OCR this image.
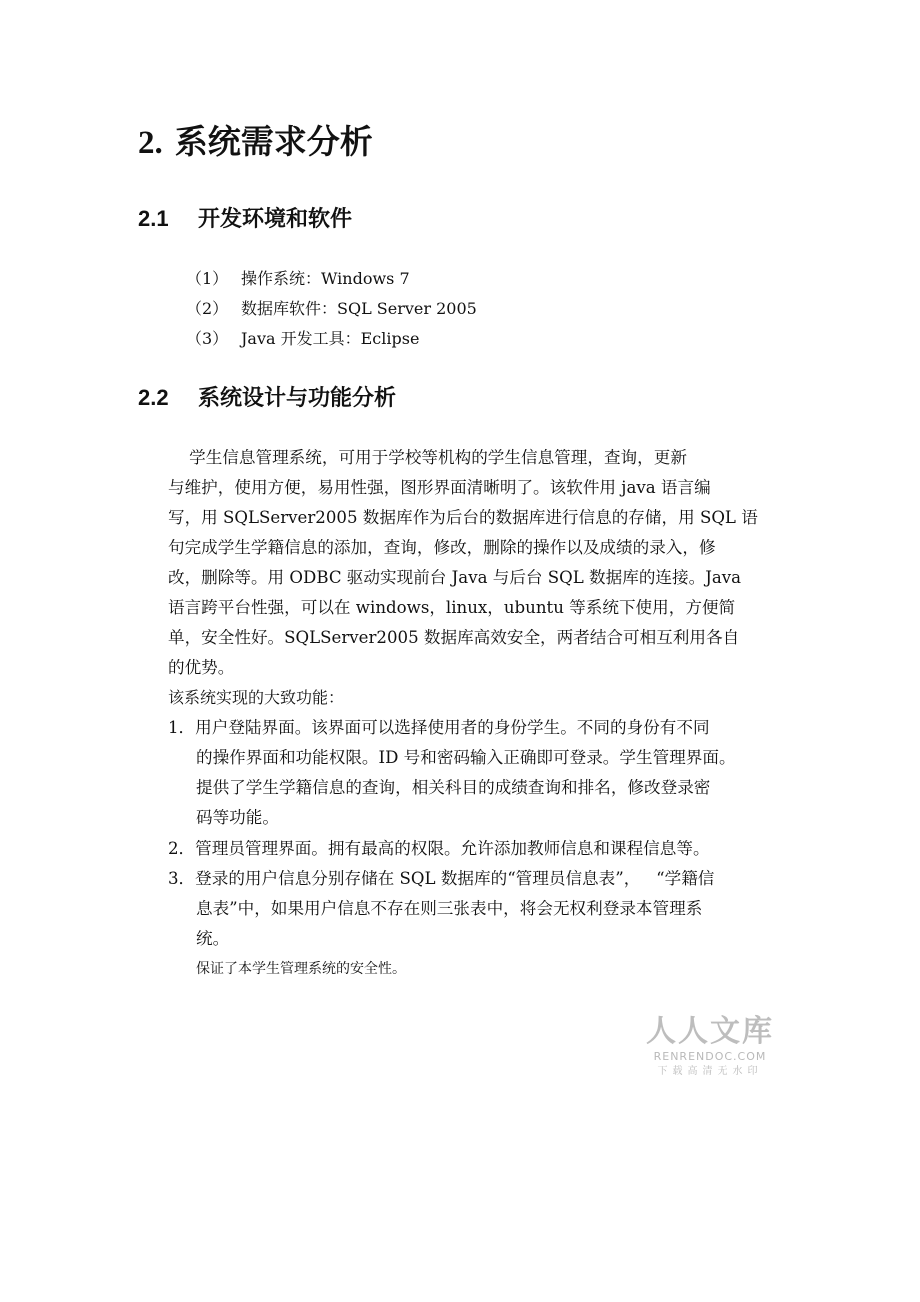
2. 系统需求分析
2.1 开发环境和软件
（1） 操作系统：Windows 7
（2） 数据库软件：SQL Server 2005
（3） Java 开发工具：Eclipse
2.2 系统设计与功能分析
学生信息管理系统，可用于学校等机构的学生信息管理，查询，更新
与维护，使用方便，易用性强，图形界面清晰明了。该软件用 java 语言编
写，用 SQLServer2005 数据库作为后台的数据库进行信息的存储，用 SQL 语
句完成学生学籍信息的添加，查询，修改，删除的操作以及成绩的录入，修
改，删除等。用 ODBC 驱动实现前台 Java 与后台 SQL 数据库的连接。Java
语言跨平台性强，可以在 windows，linux，ubuntu 等系统下使用，方便简
单，安全性好。SQLServer2005 数据库高效安全，两者结合可相互利用各自
的优势。
该系统实现的大致功能：
1．用户登陆界面。该界面可以选择使用者的身份学生。不同的身份有不同
的操作界面和功能权限。ID 号和密码输入正确即可登录。学生管理界面。
提供了学生学籍信息的查询，相关科目的成绩查询和排名，修改登录密
码等功能。
2．管理员管理界面。拥有最高的权限。允许添加教师信息和课程信息等。
3．登录的用户信息分别存储在 SQL 数据库的“管理员信息表”，   “学籍信
息表”中，如果用户信息不存在则三张表中，将会无权利登录本管理系
统。
保证了本学生管理系统的安全性。
人人文库
RENRENDOC.COM
下载高清无水印
